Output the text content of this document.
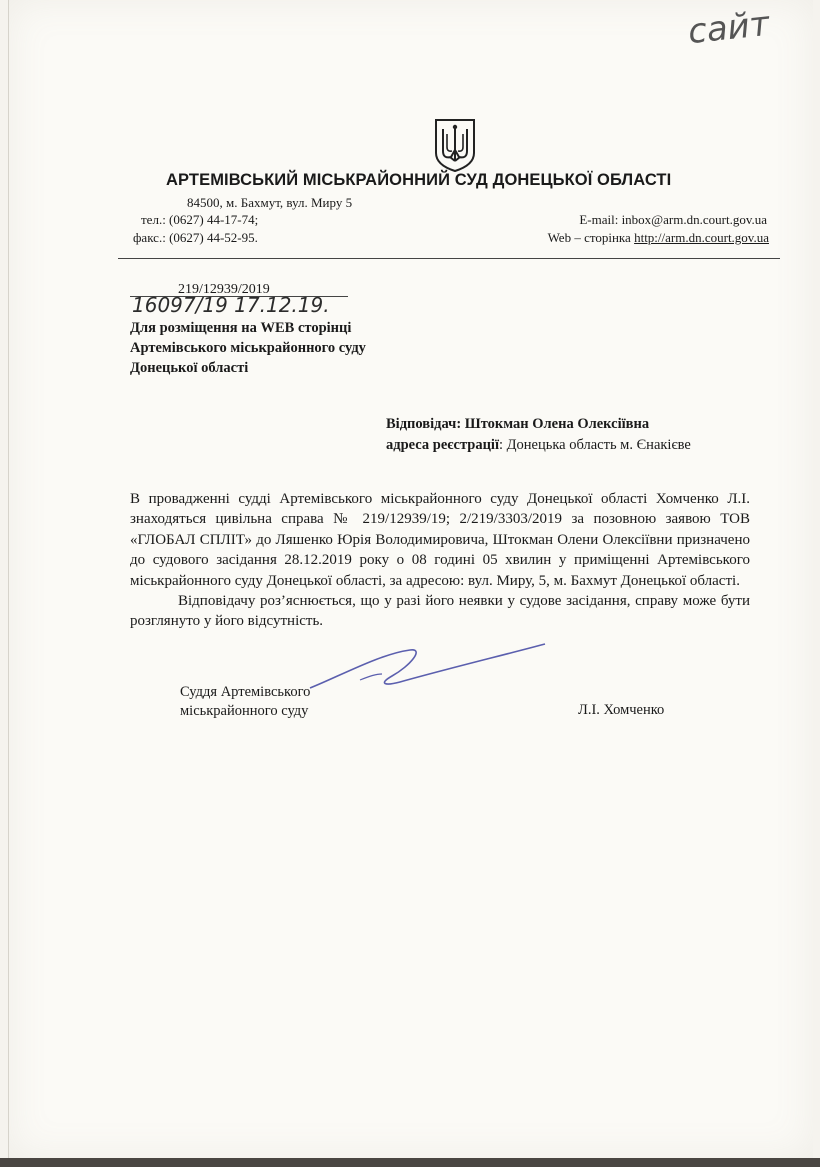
сайт
АРТЕМІВСЬКИЙ МІСЬКРАЙОННИЙ СУД ДОНЕЦЬКОЇ ОБЛАСТІ
84500, м. Бахмут, вул. Миру 5
тел.: (0627) 44-17-74;
факс.: (0627) 44-52-95.
E-mail: inbox@arm.dn.court.gov.ua
Web – сторінка http://arm.dn.court.gov.ua
219/12939/2019
16097/19 17.12.19.
Для розміщення на WEB сторінці
Артемівського міськрайонного суду
Донецької області
Відповідач: Штокман Олена Олексіївна
адреса реєстрації: Донецька область м. Єнакієве

В провадженні судді Артемівського міськрайонного суду Донецької області Хомченко Л.І. знаходяться цивільна справа № 219/12939/19; 2/219/3303/2019 за позовною заявою ТОВ «ГЛОБАЛ СПЛІТ» до Ляшенко Юрія Володимировича, Штокман Олени Олексіївни призначено до судового засідання 28.12.2019 року о 08 годині 05 хвилин у приміщенні Артемівського міськрайонного суду Донецької області, за адресою: вул. Миру, 5, м. Бахмут Донецької області.

Відповідачу роз’яснюється, що у разі його неявки у судове засідання, справу може бути розглянуто у його відсутність.

Суддя Артемівського
міськрайонного суду	Л.І. Хомченко
